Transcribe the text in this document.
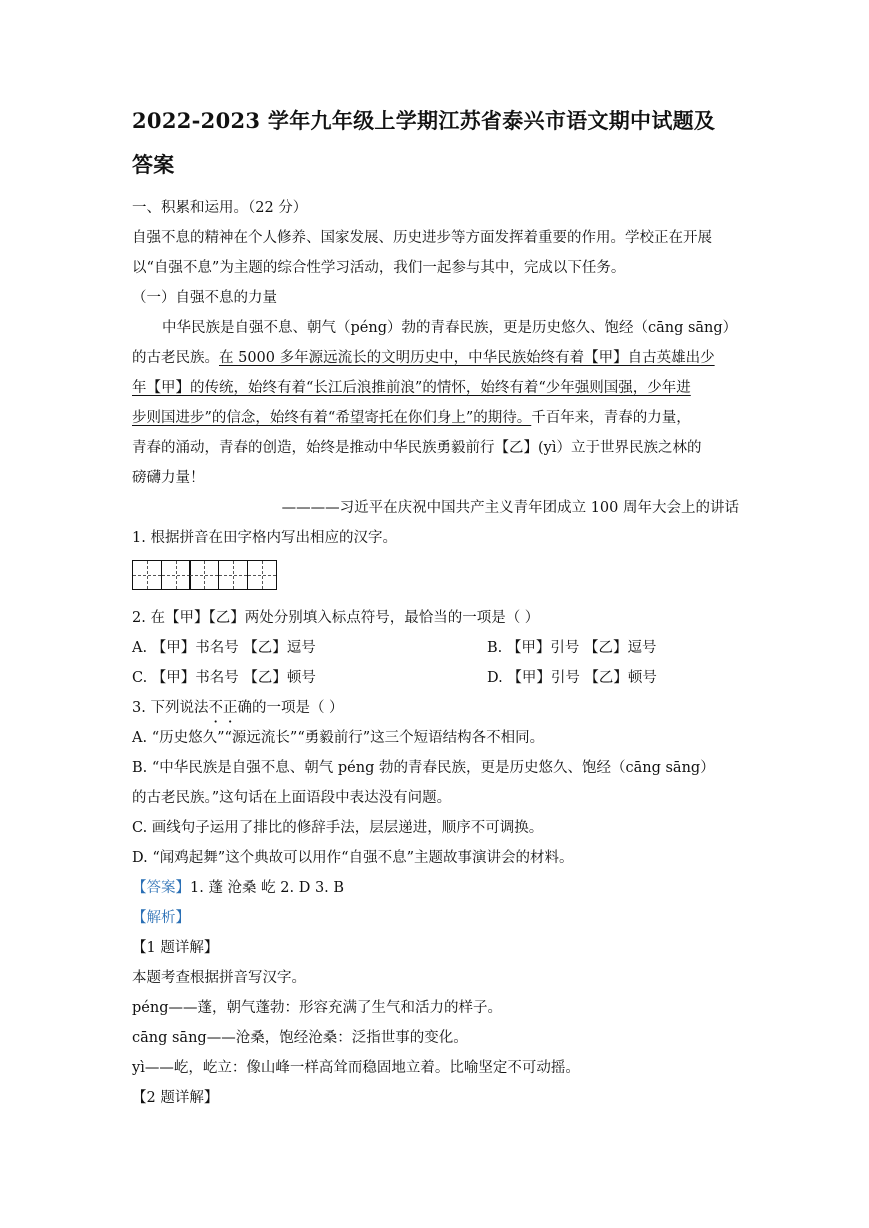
2022-2023 学年九年级上学期江苏省泰兴市语文期中试题及
答案
一、积累和运用。（22 分）
自强不息的精神在个人修养、国家发展、历史进步等方面发挥着重要的作用。学校正在开展
以“自强不息”为主题的综合性学习活动，我们一起参与其中，完成以下任务。
（一）自强不息的力量
中华民族是自强不息、朝气（péng）勃的青春民族，更是历史悠久、饱经（cāng sāng）
的古老民族。在 5000 多年源远流长的文明历史中，中华民族始终有着【甲】自古英雄出少
年【甲】的传统，始终有着“长江后浪推前浪”的情怀，始终有着“少年强则国强，少年进
步则国进步”的信念，始终有着“希望寄托在你们身上”的期待。千百年来，青春的力量，
青春的涌动，青春的创造，始终是推动中华民族勇毅前行【乙】(yì）立于世界民族之林的
磅礴力量！
————习近平在庆祝中国共产主义青年团成立 100 周年大会上的讲话
1. 根据拼音在田字格内写出相应的汉字。
2. 在【甲】【乙】两处分别填入标点符号，最恰当的一项是（ ）
A. 【甲】书名号 【乙】逗号	B. 【甲】引号 【乙】逗号
C. 【甲】书名号 【乙】顿号	D. 【甲】引号 【乙】顿号
3. 下列说法不正确的一项是（ ）
A. “历史悠久”“源远流长”“勇毅前行”这三个短语结构各不相同。
B. “中华民族是自强不息、朝气 péng 勃的青春民族，更是历史悠久、饱经（cāng sāng）
的古老民族。”这句话在上面语段中表达没有问题。
C. 画线句子运用了排比的修辞手法，层层递进，顺序不可调换。
D. “闻鸡起舞”这个典故可以用作“自强不息”主题故事演讲会的材料。
【答案】1. 蓬 沧桑 屹 2. D 3. B
【解析】
【1 题详解】
本题考查根据拼音写汉字。
péng——蓬，朝气蓬勃：形容充满了生气和活力的样子。
cāng sāng——沧桑，饱经沧桑：泛指世事的变化。
yì——屹，屹立：像山峰一样高耸而稳固地立着。比喻坚定不可动摇。
【2 题详解】
